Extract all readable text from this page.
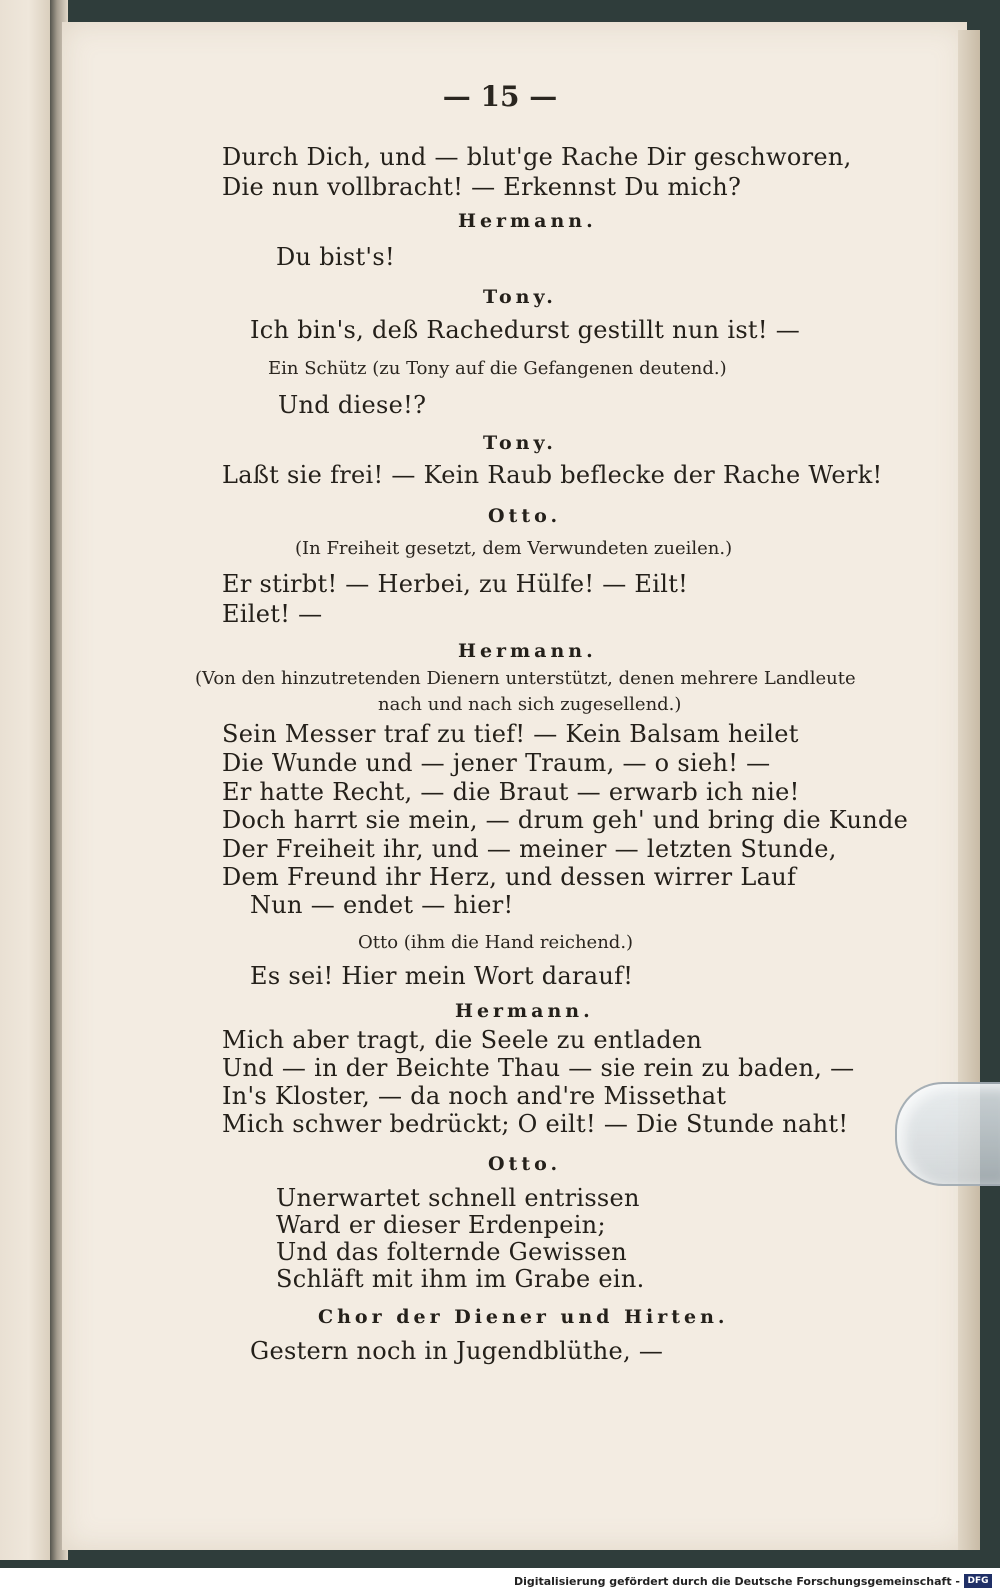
— 15 —
Durch Dich, und — blut'ge Rache Dir geschworen,
Die nun vollbracht! — Erkennst Du mich?
Hermann.
Du bist's!
Tony.
Ich bin's, deß Rachedurst gestillt nun ist! —
Ein Schütz (zu Tony auf die Gefangenen deutend.)
Und diese!?
Tony.
Laßt sie frei! — Kein Raub beflecke der Rache Werk!
Otto.
(In Freiheit gesetzt, dem Verwundeten zueilen.)
Er stirbt! — Herbei, zu Hülfe! — Eilt!
Eilet! —
Hermann.
(Von den hinzutretenden Dienern unterstützt, denen mehrere Landleute
nach und nach sich zugesellend.)
Sein Messer traf zu tief! — Kein Balsam heilet
Die Wunde und — jener Traum, — o sieh! —
Er hatte Recht, — die Braut — erwarb ich nie!
Doch harrt sie mein, — drum geh' und bring die Kunde
Der Freiheit ihr, und — meiner — letzten Stunde,
Dem Freund ihr Herz, und dessen wirrer Lauf
Nun — endet — hier!
Otto (ihm die Hand reichend.)
Es sei! Hier mein Wort darauf!
Hermann.
Mich aber tragt, die Seele zu entladen
Und — in der Beichte Thau — sie rein zu baden, —
In's Kloster, — da noch and're Missethat
Mich schwer bedrückt; O eilt! — Die Stunde naht!
Otto.
Unerwartet schnell entrissen
Ward er dieser Erdenpein;
Und das folternde Gewissen
Schläft mit ihm im Grabe ein.
Chor der Diener und Hirten.
Gestern noch in Jugendblüthe, —
Digitalisierung gefördert durch die Deutsche Forschungsgemeinschaft - DFG
